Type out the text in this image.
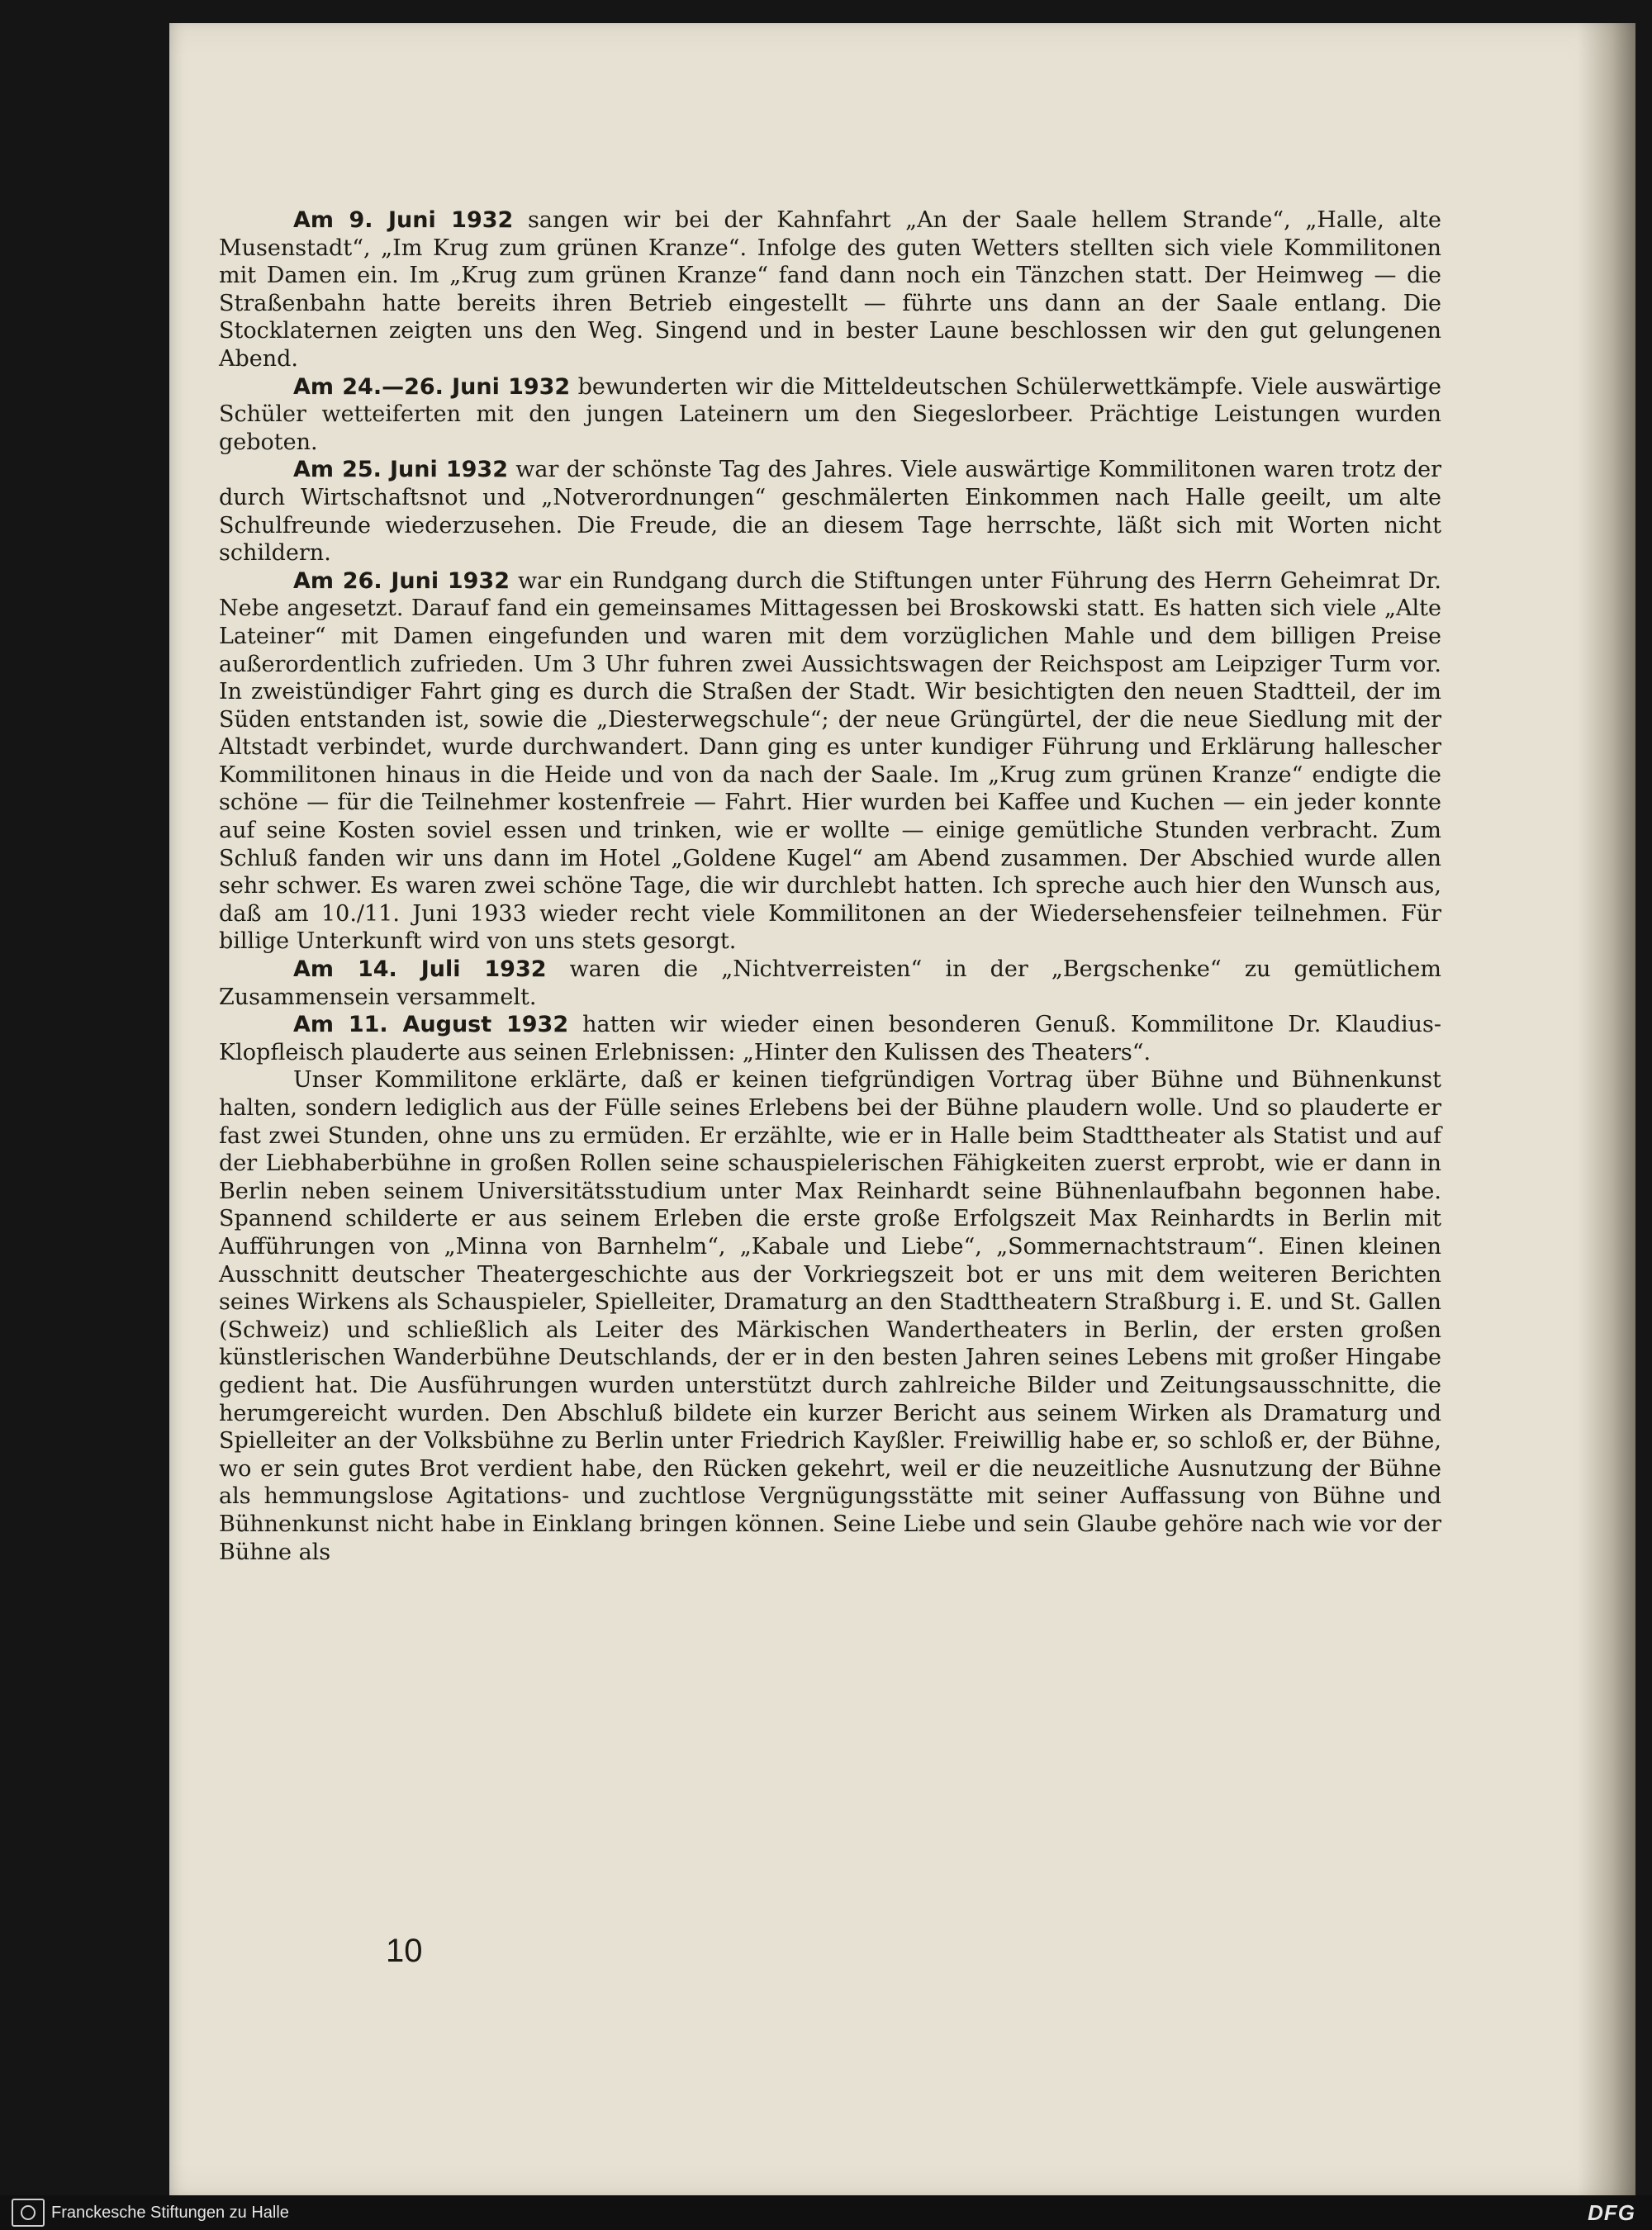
Am 9. Juni 1932 sangen wir bei der Kahnfahrt „An der Saale hellem Strande“, „Halle, alte Musenstadt“, „Im Krug zum grünen Kranze“. Infolge des guten Wetters stellten sich viele Kommilitonen mit Damen ein. Im „Krug zum grünen Kranze“ fand dann noch ein Tänzchen statt. Der Heimweg — die Straßenbahn hatte bereits ihren Betrieb eingestellt — führte uns dann an der Saale entlang. Die Stocklaternen zeigten uns den Weg. Singend und in bester Laune beschlossen wir den gut gelungenen Abend.

Am 24.—26. Juni 1932 bewunderten wir die Mitteldeutschen Schülerwettkämpfe. Viele auswärtige Schüler wetteiferten mit den jungen Lateinern um den Siegeslorbeer. Prächtige Leistungen wurden geboten.

Am 25. Juni 1932 war der schönste Tag des Jahres. Viele auswärtige Kommilitonen waren trotz der durch Wirtschaftsnot und „Notverordnungen“ geschmälerten Einkommen nach Halle geeilt, um alte Schulfreunde wiederzusehen. Die Freude, die an diesem Tage herrschte, läßt sich mit Worten nicht schildern.

Am 26. Juni 1932 war ein Rundgang durch die Stiftungen unter Führung des Herrn Geheimrat Dr. Nebe angesetzt. Darauf fand ein gemeinsames Mittagessen bei Broskowski statt. Es hatten sich viele „Alte Lateiner“ mit Damen eingefunden und waren mit dem vorzüglichen Mahle und dem billigen Preise außerordentlich zufrieden. Um 3 Uhr fuhren zwei Aussichtswagen der Reichspost am Leipziger Turm vor. In zweistündiger Fahrt ging es durch die Straßen der Stadt. Wir besichtigten den neuen Stadtteil, der im Süden entstanden ist, sowie die „Diesterwegschule“; der neue Grüngürtel, der die neue Siedlung mit der Altstadt verbindet, wurde durchwandert. Dann ging es unter kundiger Führung und Erklärung hallescher Kommilitonen hinaus in die Heide und von da nach der Saale. Im „Krug zum grünen Kranze“ endigte die schöne — für die Teilnehmer kostenfreie — Fahrt. Hier wurden bei Kaffee und Kuchen — ein jeder konnte auf seine Kosten soviel essen und trinken, wie er wollte — einige gemütliche Stunden verbracht. Zum Schluß fanden wir uns dann im Hotel „Goldene Kugel“ am Abend zusammen. Der Abschied wurde allen sehr schwer. Es waren zwei schöne Tage, die wir durchlebt hatten. Ich spreche auch hier den Wunsch aus, daß am 10./11. Juni 1933 wieder recht viele Kommilitonen an der Wiedersehensfeier teilnehmen. Für billige Unterkunft wird von uns stets gesorgt.

Am 14. Juli 1932 waren die „Nichtverreisten“ in der „Bergschenke“ zu gemütlichem Zusammensein versammelt.

Am 11. August 1932 hatten wir wieder einen besonderen Genuß. Kommilitone Dr. Klaudius-Klopfleisch plauderte aus seinen Erlebnissen: „Hinter den Kulissen des Theaters“.

Unser Kommilitone erklärte, daß er keinen tiefgründigen Vortrag über Bühne und Bühnenkunst halten, sondern lediglich aus der Fülle seines Erlebens bei der Bühne plaudern wolle. Und so plauderte er fast zwei Stunden, ohne uns zu ermüden. Er erzählte, wie er in Halle beim Stadttheater als Statist und auf der Liebhaberbühne in großen Rollen seine schauspielerischen Fähigkeiten zuerst erprobt, wie er dann in Berlin neben seinem Universitätsstudium unter Max Reinhardt seine Bühnenlaufbahn begonnen habe. Spannend schilderte er aus seinem Erleben die erste große Erfolgszeit Max Reinhardts in Berlin mit Aufführungen von „Minna von Barnhelm“, „Kabale und Liebe“, „Sommernachtstraum“. Einen kleinen Ausschnitt deutscher Theatergeschichte aus der Vorkriegszeit bot er uns mit dem weiteren Berichten seines Wirkens als Schauspieler, Spielleiter, Dramaturg an den Stadttheatern Straßburg i. E. und St. Gallen (Schweiz) und schließlich als Leiter des Märkischen Wandertheaters in Berlin, der ersten großen künstlerischen Wanderbühne Deutschlands, der er in den besten Jahren seines Lebens mit großer Hingabe gedient hat. Die Ausführungen wurden unterstützt durch zahlreiche Bilder und Zeitungsausschnitte, die herumgereicht wurden. Den Abschluß bildete ein kurzer Bericht aus seinem Wirken als Dramaturg und Spielleiter an der Volksbühne zu Berlin unter Friedrich Kayßler. Freiwillig habe er, so schloß er, der Bühne, wo er sein gutes Brot verdient habe, den Rücken gekehrt, weil er die neuzeitliche Ausnutzung der Bühne als hemmungslose Agitations- und zuchtlose Vergnügungsstätte mit seiner Auffassung von Bühne und Bühnenkunst nicht habe in Einklang bringen können. Seine Liebe und sein Glaube gehöre nach wie vor der Bühne als

10
Franckesche Stiftungen zu Halle	DFG
